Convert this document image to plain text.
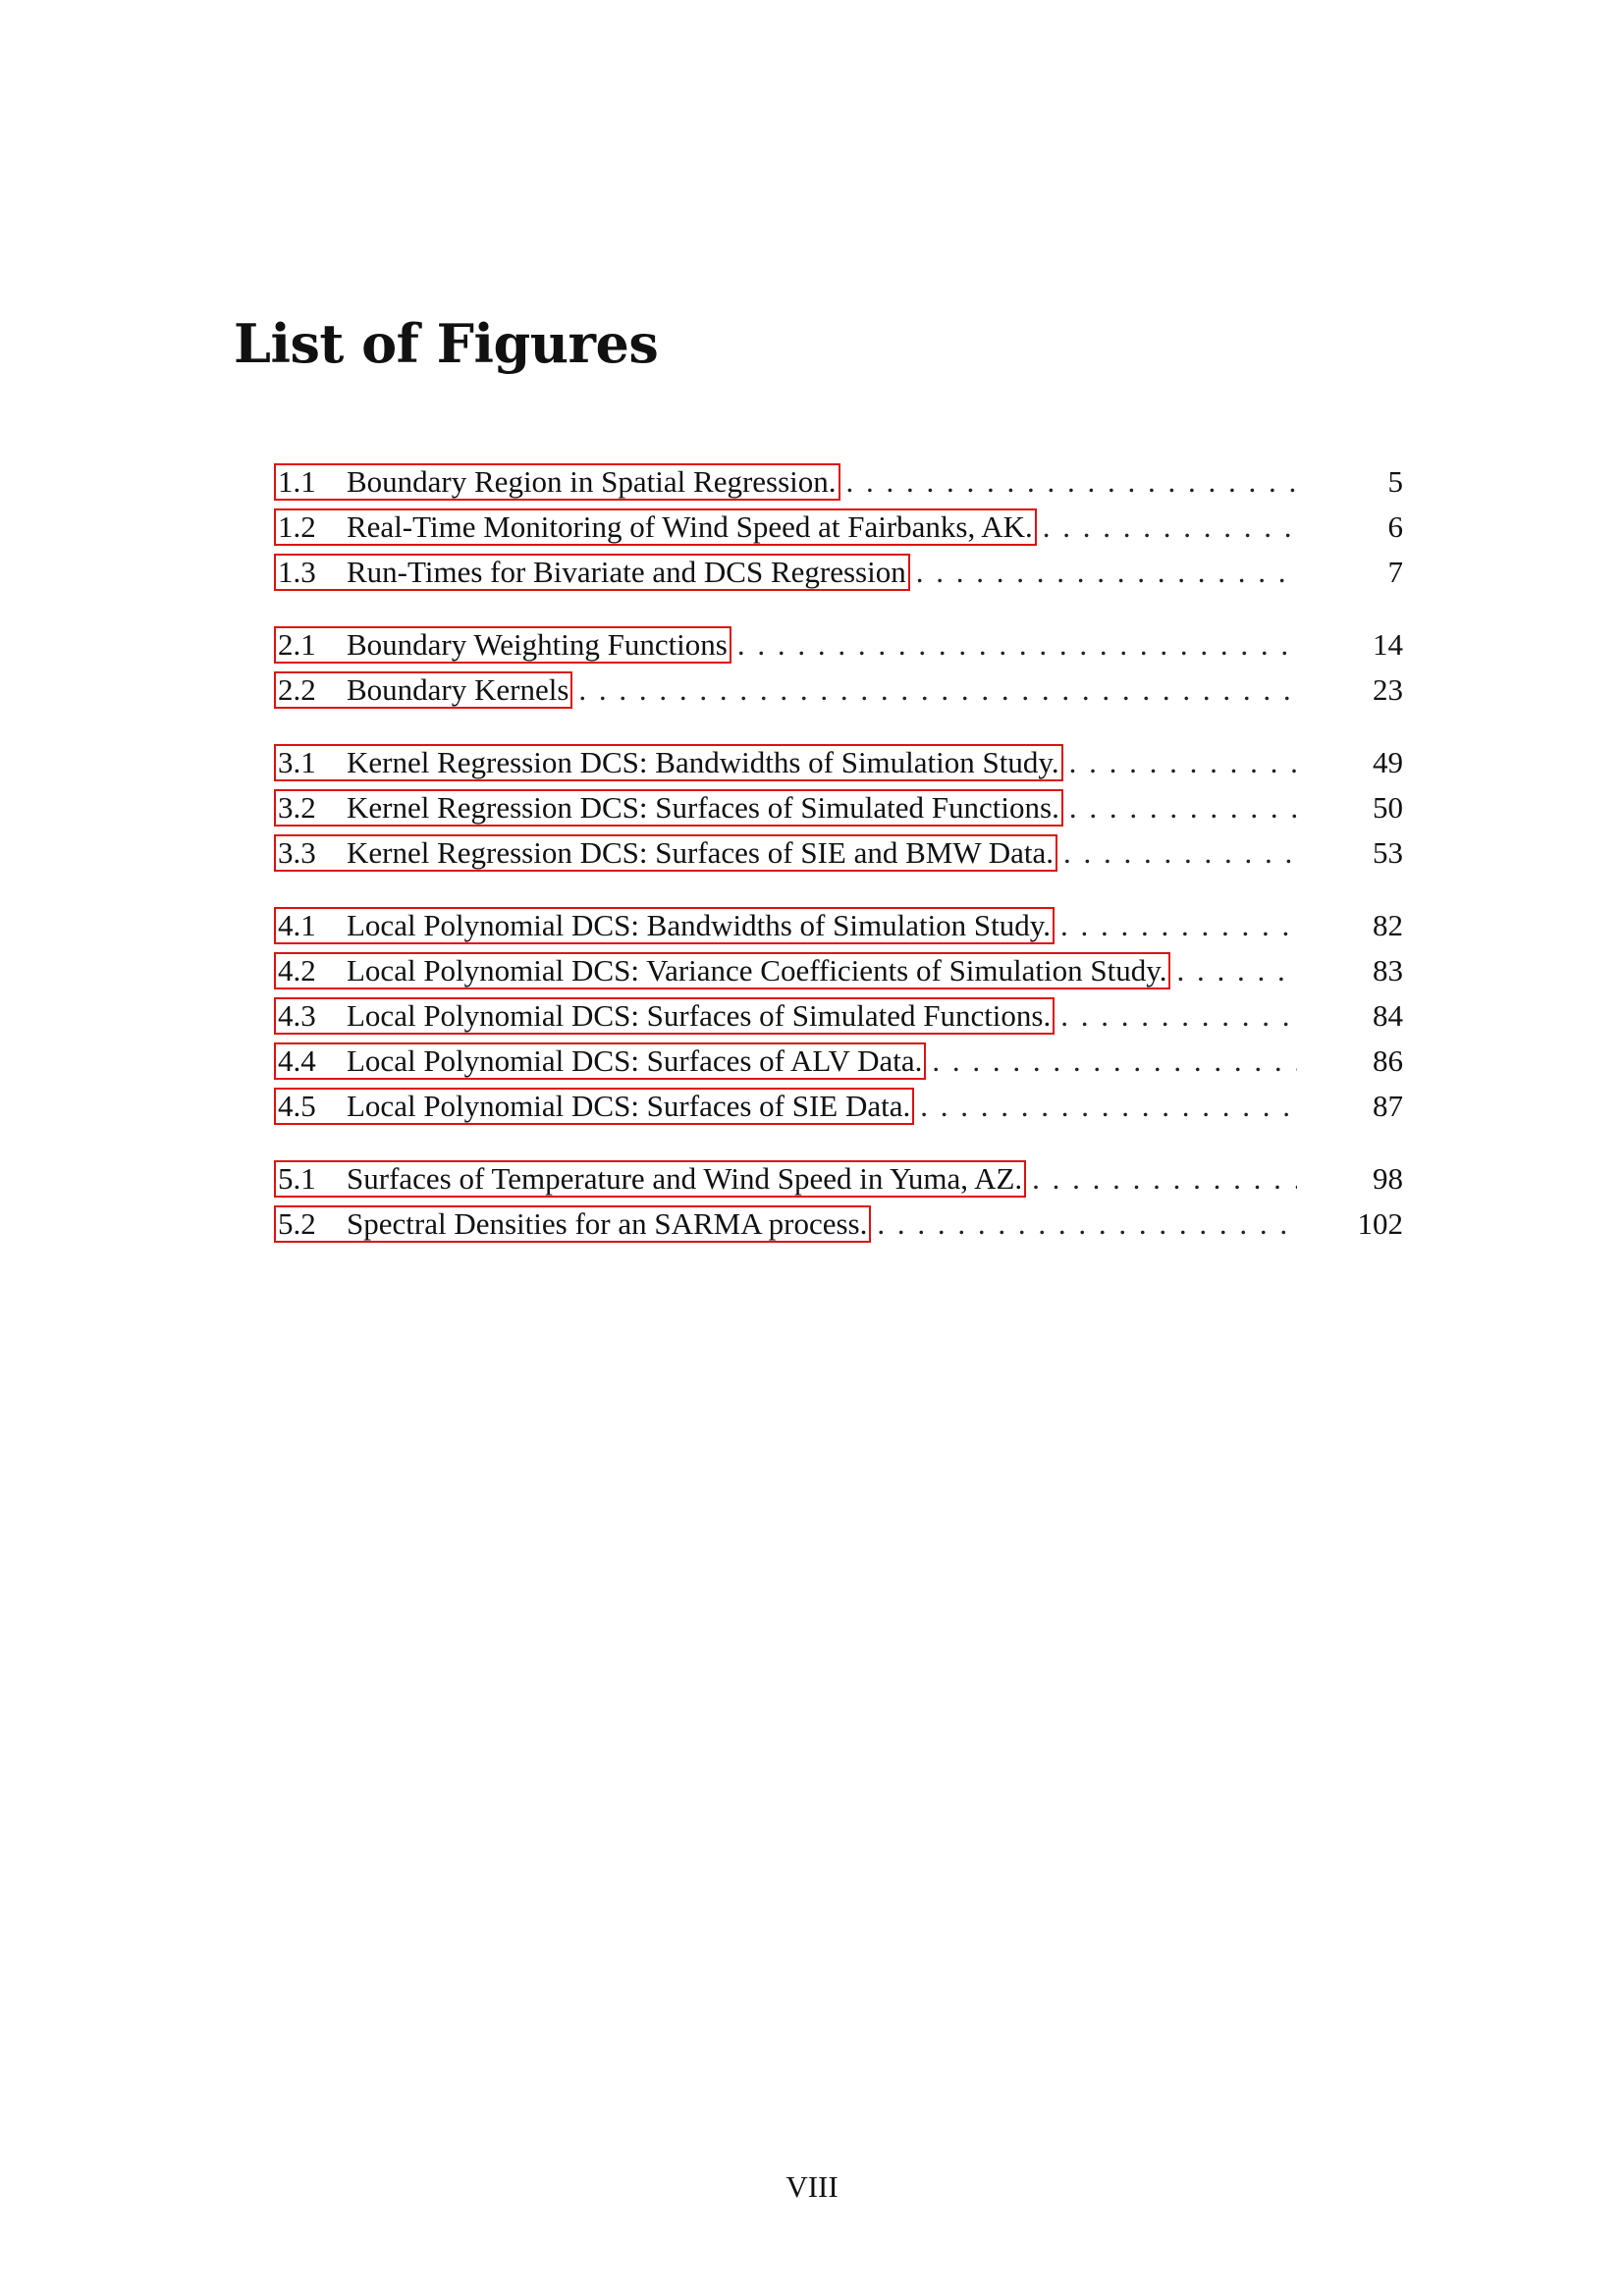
List of Figures
1.1	Boundary Region in Spatial Regression. . . .	5
1.2	Real-Time Monitoring of Wind Speed at Fairbanks, AK. . . .	6
1.3	Run-Times for Bivariate and DCS Regression . . .	7
2.1	Boundary Weighting Functions . . .	14
2.2	Boundary Kernels . . .	23
3.1	Kernel Regression DCS: Bandwidths of Simulation Study. . . .	49
3.2	Kernel Regression DCS: Surfaces of Simulated Functions. . . .	50
3.3	Kernel Regression DCS: Surfaces of SIE and BMW Data. . . .	53
4.1	Local Polynomial DCS: Bandwidths of Simulation Study. . . .	82
4.2	Local Polynomial DCS: Variance Coefficients of Simulation Study. . . .	83
4.3	Local Polynomial DCS: Surfaces of Simulated Functions. . . .	84
4.4	Local Polynomial DCS: Surfaces of ALV Data. . . .	86
4.5	Local Polynomial DCS: Surfaces of SIE Data. . . .	87
5.1	Surfaces of Temperature and Wind Speed in Yuma, AZ. . . .	98
5.2	Spectral Densities for an SARMA process. . . .	102
VIII
